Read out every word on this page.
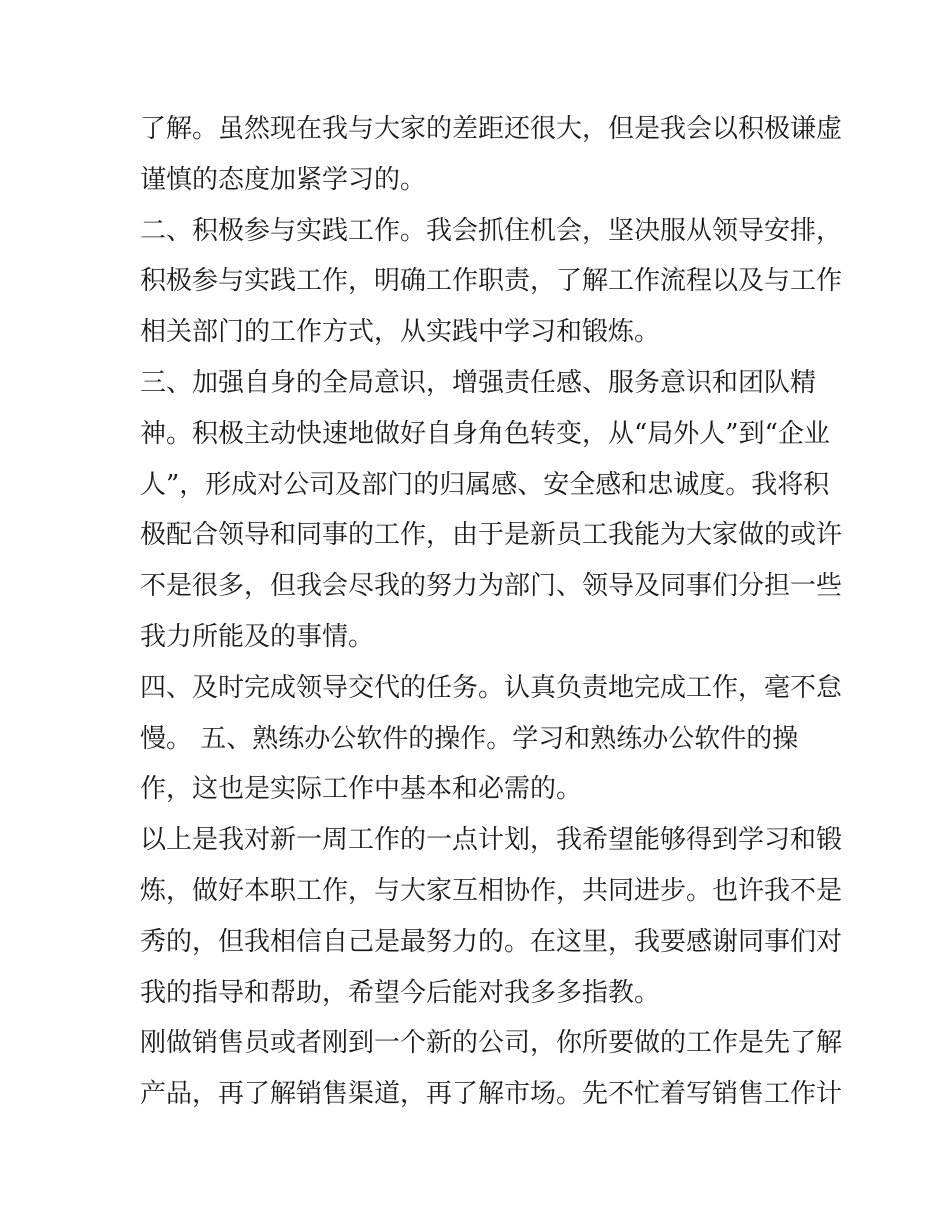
了解。虽然现在我与大家的差距还很大，但是我会以积极谦虚
谨慎的态度加紧学习的。
二、积极参与实践工作。我会抓住机会，坚决服从领导安排，
积极参与实践工作，明确工作职责，了解工作流程以及与工作
相关部门的工作方式，从实践中学习和锻炼。
三、加强自身的全局意识，增强责任感、服务意识和团队精
神。积极主动快速地做好自身角色转变，从“局外人”到“企业
人”，形成对公司及部门的归属感、安全感和忠诚度。我将积
极配合领导和同事的工作，由于是新员工我能为大家做的或许
不是很多，但我会尽我的努力为部门、领导及同事们分担一些
我力所能及的事情。
四、及时完成领导交代的任务。认真负责地完成工作，毫不怠
慢。 五、熟练办公软件的操作。学习和熟练办公软件的操
作，这也是实际工作中基本和必需的。
以上是我对新一周工作的一点计划，我希望能够得到学习和锻
炼，做好本职工作，与大家互相协作，共同进步。也许我不是
秀的，但我相信自己是最努力的。在这里，我要感谢同事们对
我的指导和帮助，希望今后能对我多多指教。
刚做销售员或者刚到一个新的公司，你所要做的工作是先了解
产品，再了解销售渠道，再了解市场。先不忙着写销售工作计
